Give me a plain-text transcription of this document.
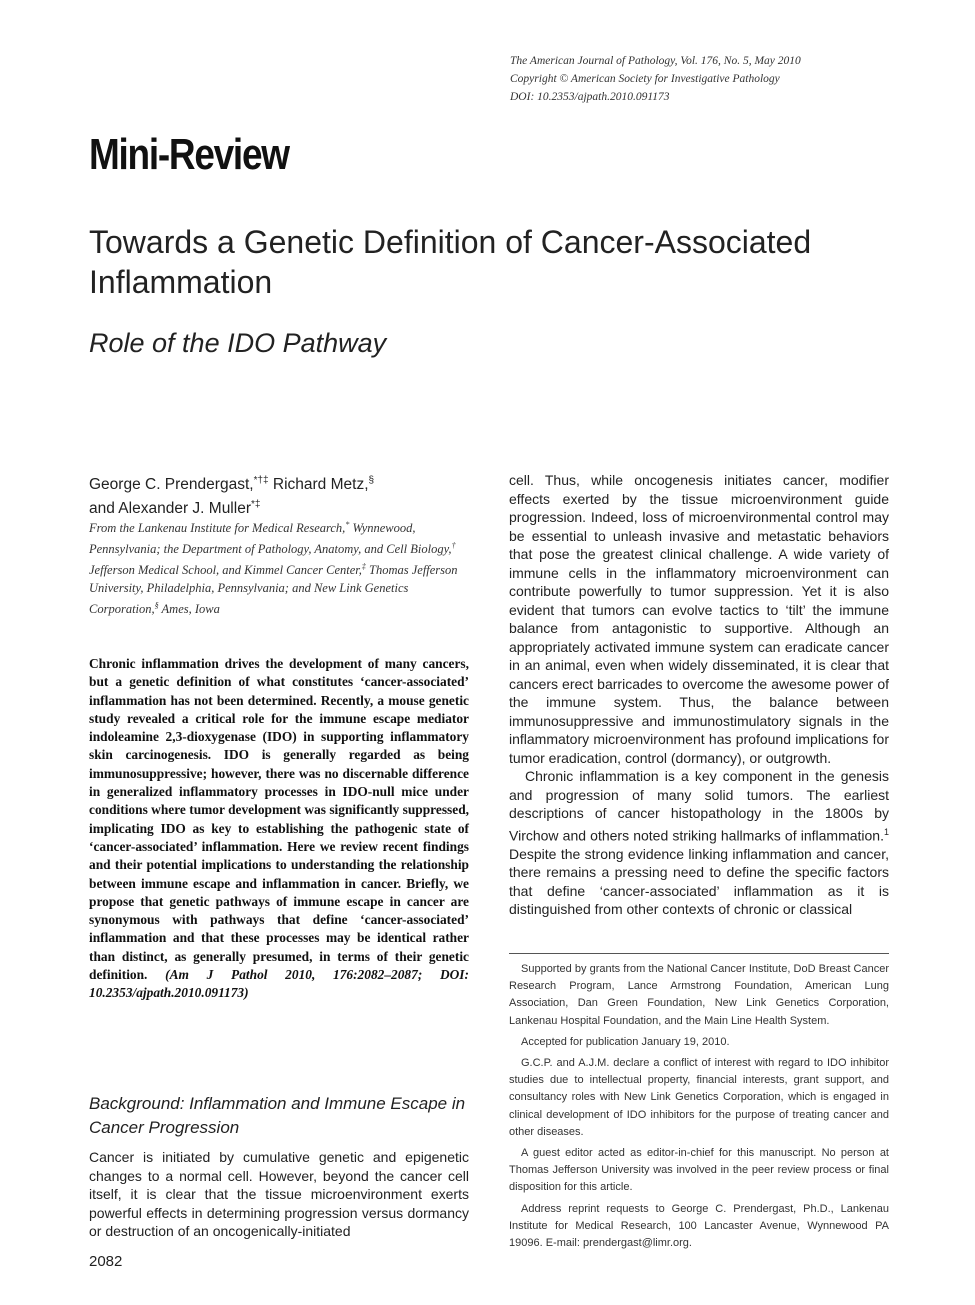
The American Journal of Pathology, Vol. 176, No. 5, May 2010
Copyright © American Society for Investigative Pathology
DOI: 10.2353/ajpath.2010.091173
Mini-Review
Towards a Genetic Definition of Cancer-Associated Inflammation
Role of the IDO Pathway
George C. Prendergast,*†‡ Richard Metz,§
and Alexander J. Muller*‡
From the Lankenau Institute for Medical Research,* Wynnewood, Pennsylvania; the Department of Pathology, Anatomy, and Cell Biology,† Jefferson Medical School, and Kimmel Cancer Center,‡ Thomas Jefferson University, Philadelphia, Pennsylvania; and New Link Genetics Corporation,§ Ames, Iowa
Chronic inflammation drives the development of many cancers, but a genetic definition of what constitutes ‘cancer-associated’ inflammation has not been determined. Recently, a mouse genetic study revealed a critical role for the immune escape mediator indoleamine 2,3-dioxygenase (IDO) in supporting inflammatory skin carcinogenesis. IDO is generally regarded as being immunosuppressive; however, there was no discernable difference in generalized inflammatory processes in IDO-null mice under conditions where tumor development was significantly suppressed, implicating IDO as key to establishing the pathogenic state of ‘cancer-associated’ inflammation. Here we review recent findings and their potential implications to understanding the relationship between immune escape and inflammation in cancer. Briefly, we propose that genetic pathways of immune escape in cancer are synonymous with pathways that define ‘cancer-associated’ inflammation and that these processes may be identical rather than distinct, as generally presumed, in terms of their genetic definition. (Am J Pathol 2010, 176:2082–2087; DOI: 10.2353/ajpath.2010.091173)
Background: Inflammation and Immune Escape in Cancer Progression
Cancer is initiated by cumulative genetic and epigenetic changes to a normal cell. However, beyond the cancer cell itself, it is clear that the tissue microenvironment exerts powerful effects in determining progression versus dormancy or destruction of an oncogenically-initiated

cell. Thus, while oncogenesis initiates cancer, modifier effects exerted by the tissue microenvironment guide progression. Indeed, loss of microenvironmental control may be essential to unleash invasive and metastatic behaviors that pose the greatest clinical challenge. A wide variety of immune cells in the inflammatory microenvironment can contribute powerfully to tumor suppression. Yet it is also evident that tumors can evolve tactics to ‘tilt’ the immune balance from antagonistic to supportive. Although an appropriately activated immune system can eradicate cancer in an animal, even when widely disseminated, it is clear that cancers erect barricades to overcome the awesome power of the immune system. Thus, the balance between immunosuppressive and immunostimulatory signals in the inflammatory microenvironment has profound implications for tumor eradication, control (dormancy), or outgrowth.

Chronic inflammation is a key component in the genesis and progression of many solid tumors. The earliest descriptions of cancer histopathology in the 1800s by Virchow and others noted striking hallmarks of inflammation.$^1$ Despite the strong evidence linking inflammation and cancer, there remains a pressing need to define the specific factors that define ‘cancer-associated’ inflammation as it is distinguished from other contexts of chronic or classical

Supported by grants from the National Cancer Institute, DoD Breast Cancer Research Program, Lance Armstrong Foundation, American Lung Association, Dan Green Foundation, New Link Genetics Corporation, Lankenau Hospital Foundation, and the Main Line Health System.

Accepted for publication January 19, 2010.

G.C.P. and A.J.M. declare a conflict of interest with regard to IDO inhibitor studies due to intellectual property, financial interests, grant support, and consultancy roles with New Link Genetics Corporation, which is engaged in clinical development of IDO inhibitors for the purpose of treating cancer and other diseases.

A guest editor acted as editor-in-chief for this manuscript. No person at Thomas Jefferson University was involved in the peer review process or final disposition for this article.

Address reprint requests to George C. Prendergast, Ph.D., Lankenau Institute for Medical Research, 100 Lancaster Avenue, Wynnewood PA 19096. E-mail: prendergast@limr.org.

2082
